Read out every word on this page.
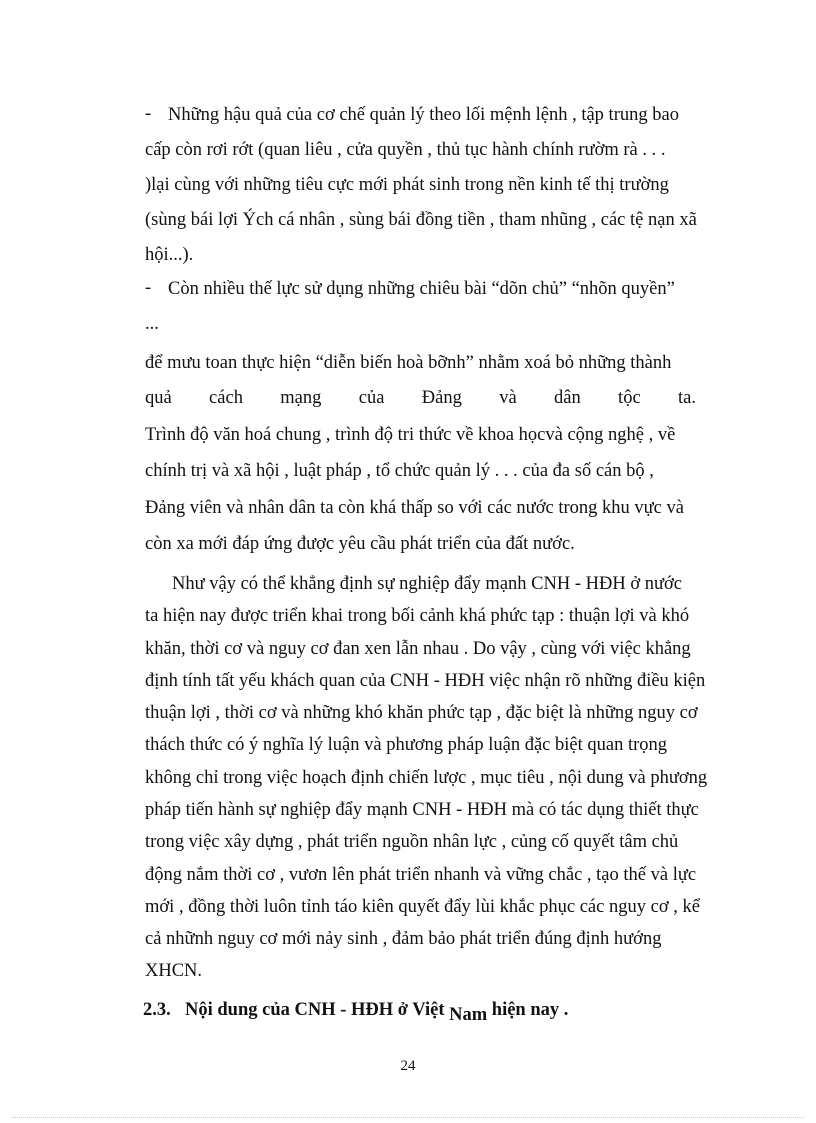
- Những hậu quả của cơ chế quản lý theo lối mệnh lệnh , tập trung bao
cấp còn rơi rớt (quan liêu , cửa quyền , thủ tục hành chính rườm rà . . .
)lại cùng với những tiêu cực mới phát sinh trong nền kinh tế thị trường
(sùng bái lợi Ých cá nhân , sùng bái đồng tiền , tham nhũng , các tệ nạn xã
hội...).
- Còn nhiều thế lực sử dụng những chiêu bài “dõn chủ” “nhõn quyền”
...
để mưu toan thực hiện “diễn biến hoà bỡnh” nhằm xoá bỏ những thành
quả cách mạng của Đảng và dân tộc ta.
Trình độ văn hoá chung , trình độ tri thức về khoa họcvà cộng nghệ , về
chính trị và xã hội , luật pháp , tổ chức quản lý . . . của đa số cán bộ ,
Đảng viên và nhân dân ta còn khá thấp so với các nước trong khu vực và
còn xa mới đáp ứng được yêu cầu phát triển của đất nước.
Như vậy có thể khẳng định sự nghiệp đẩy mạnh CNH - HĐH ở nước
ta hiện nay được triển khai trong bối cảnh khá phức tạp : thuận lợi và khó
khăn, thời cơ và nguy cơ đan xen lẫn nhau . Do vậy , cùng với việc khẳng
định tính tất yếu khách quan của CNH - HĐH việc nhận rõ những điều kiện
thuận lợi , thời cơ và những khó khăn phức tạp , đặc biệt là những nguy cơ
thách thức có ý nghĩa lý luận và phương pháp luận đặc biệt quan trọng
không chỉ trong việc hoạch định chiến lược , mục tiêu , nội dung và phương
pháp tiến hành sự nghiệp đẩy mạnh CNH - HĐH mà có tác dụng thiết thực
trong việc xây dựng , phát triển nguồn nhân lực , củng cố quyết tâm chủ
động nắm thời cơ , vươn lên phát triển nhanh và vững chắc , tạo thế và lực
mới , đồng thời luôn tỉnh táo kiên quyết đẩy lùi khắc phục các nguy cơ , kể
cả nhữnh nguy cơ mới nảy sinh , đảm bảo phát triển đúng định hướng
XHCN.
2.3. Nội dung của CNH - HĐH ở Việt Nam hiện nay .
24
